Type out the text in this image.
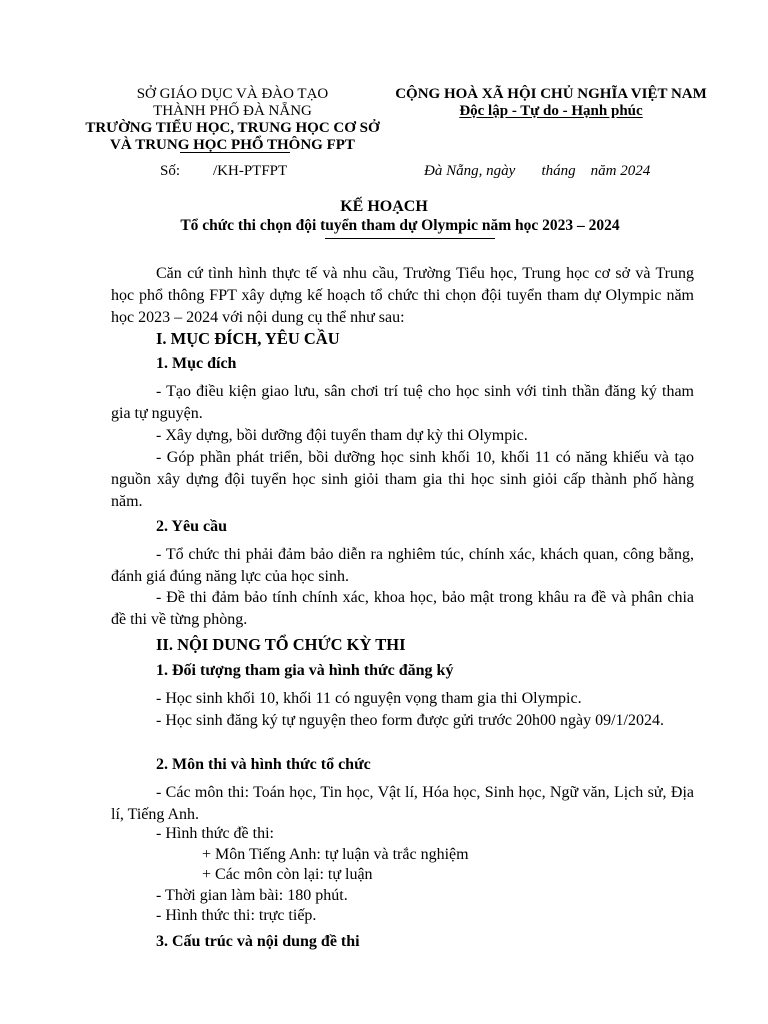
SỞ GIÁO DỤC VÀ ĐÀO TẠO
THÀNH PHỐ ĐÀ NẴNG
TRƯỜNG TIỂU HỌC, TRUNG HỌC CƠ SỞ
VÀ TRUNG HỌC PHỔ THÔNG FPT
CỘNG HOÀ XÃ HỘI CHỦ NGHĨA VIỆT NAM
Độc lập - Tự do - Hạnh phúc
Số: /KH-PTFPT	Đà Nẵng, ngày       tháng    năm 2024
KẾ HOẠCH
Tổ chức thi chọn đội tuyển tham dự Olympic năm học 2023 – 2024
Căn cứ tình hình thực tế và nhu cầu, Trường Tiểu học, Trung học cơ sở và Trung học phổ thông FPT xây dựng kế hoạch tổ chức thi chọn đội tuyển tham dự Olympic năm học 2023 – 2024 với nội dung cụ thể như sau:
I. MỤC ĐÍCH, YÊU CẦU
1. Mục đích
- Tạo điều kiện giao lưu, sân chơi trí tuệ cho học sinh với tinh thần đăng ký tham gia tự nguyện.
- Xây dựng, bồi dưỡng đội tuyển tham dự kỳ thi Olympic.
- Góp phần phát triển, bồi dưỡng học sinh khối 10, khối 11 có năng khiếu và tạo nguồn xây dựng đội tuyển học sinh giỏi tham gia thi học sinh giỏi cấp thành phố hàng năm.
2. Yêu cầu
- Tổ chức thi phải đảm bảo diễn ra nghiêm túc, chính xác, khách quan, công bằng, đánh giá đúng năng lực của học sinh.
- Đề thi đảm bảo tính chính xác, khoa học, bảo mật trong khâu ra đề và phân chia đề thi về từng phòng.
II. NỘI DUNG TỔ CHỨC KỲ THI
1. Đối tượng tham gia và hình thức đăng ký
- Học sinh khối 10, khối 11 có nguyện vọng tham gia thi Olympic.
- Học sinh đăng ký tự nguyện theo form được gửi trước 20h00 ngày 09/1/2024.
2. Môn thi và hình thức tổ chức
- Các môn thi: Toán học, Tin học, Vật lí, Hóa học, Sinh học, Ngữ văn, Lịch sử, Địa lí, Tiếng Anh.
- Hình thức đề thi:
+ Môn Tiếng Anh: tự luận và trắc nghiệm
+ Các môn còn lại: tự luận
- Thời gian làm bài: 180 phút.
- Hình thức thi: trực tiếp.
3. Cấu trúc và nội dung đề thi
